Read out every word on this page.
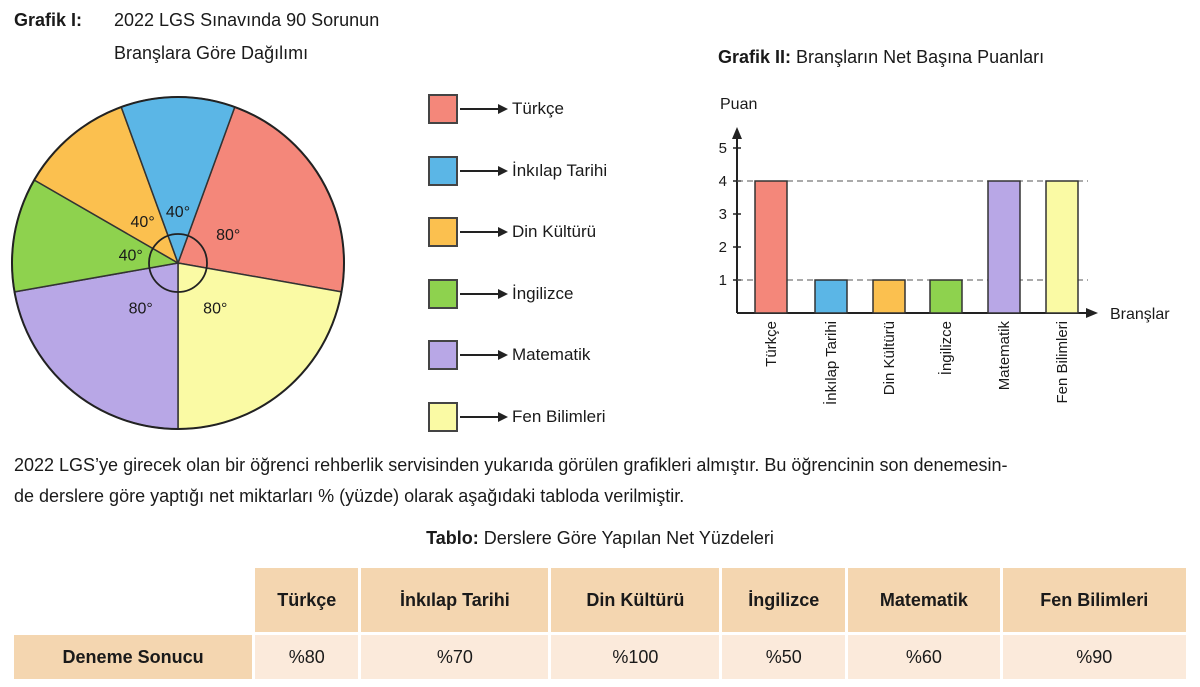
Grafik I: 2022 LGS Sınavında 90 Sorunun
Branşlara Göre Dağılımı	Grafik II: Branşların Net Başına Puanları
80°
80°
80°
40°
40°
40°
Türkçe
İnkılap Tarihi
Din Kültürü
İngilizce
Matematik
Fen Bilimleri
Puan
Branşlar
1
2
3
4
5
Türkçe	İnkılap Tarihi	Din Kültürü	İngilizce	Matematik	Fen Bilimleri
2022 LGS’ye girecek olan bir öğrenci rehberlik servisinden yukarıda görülen grafikleri almıştır. Bu öğrencinin son denemesin-
de derslere göre yaptığı net miktarları % (yüzde) olarak aşağıdaki tabloda verilmiştir.
Tablo: Derslere Göre Yapılan Net Yüzdeleri
	Türkçe	İnkılap Tarihi	Din Kültürü	İngilizce	Matematik	Fen Bilimleri
Deneme Sonucu	%80	%70	%100	%50	%60	%90
